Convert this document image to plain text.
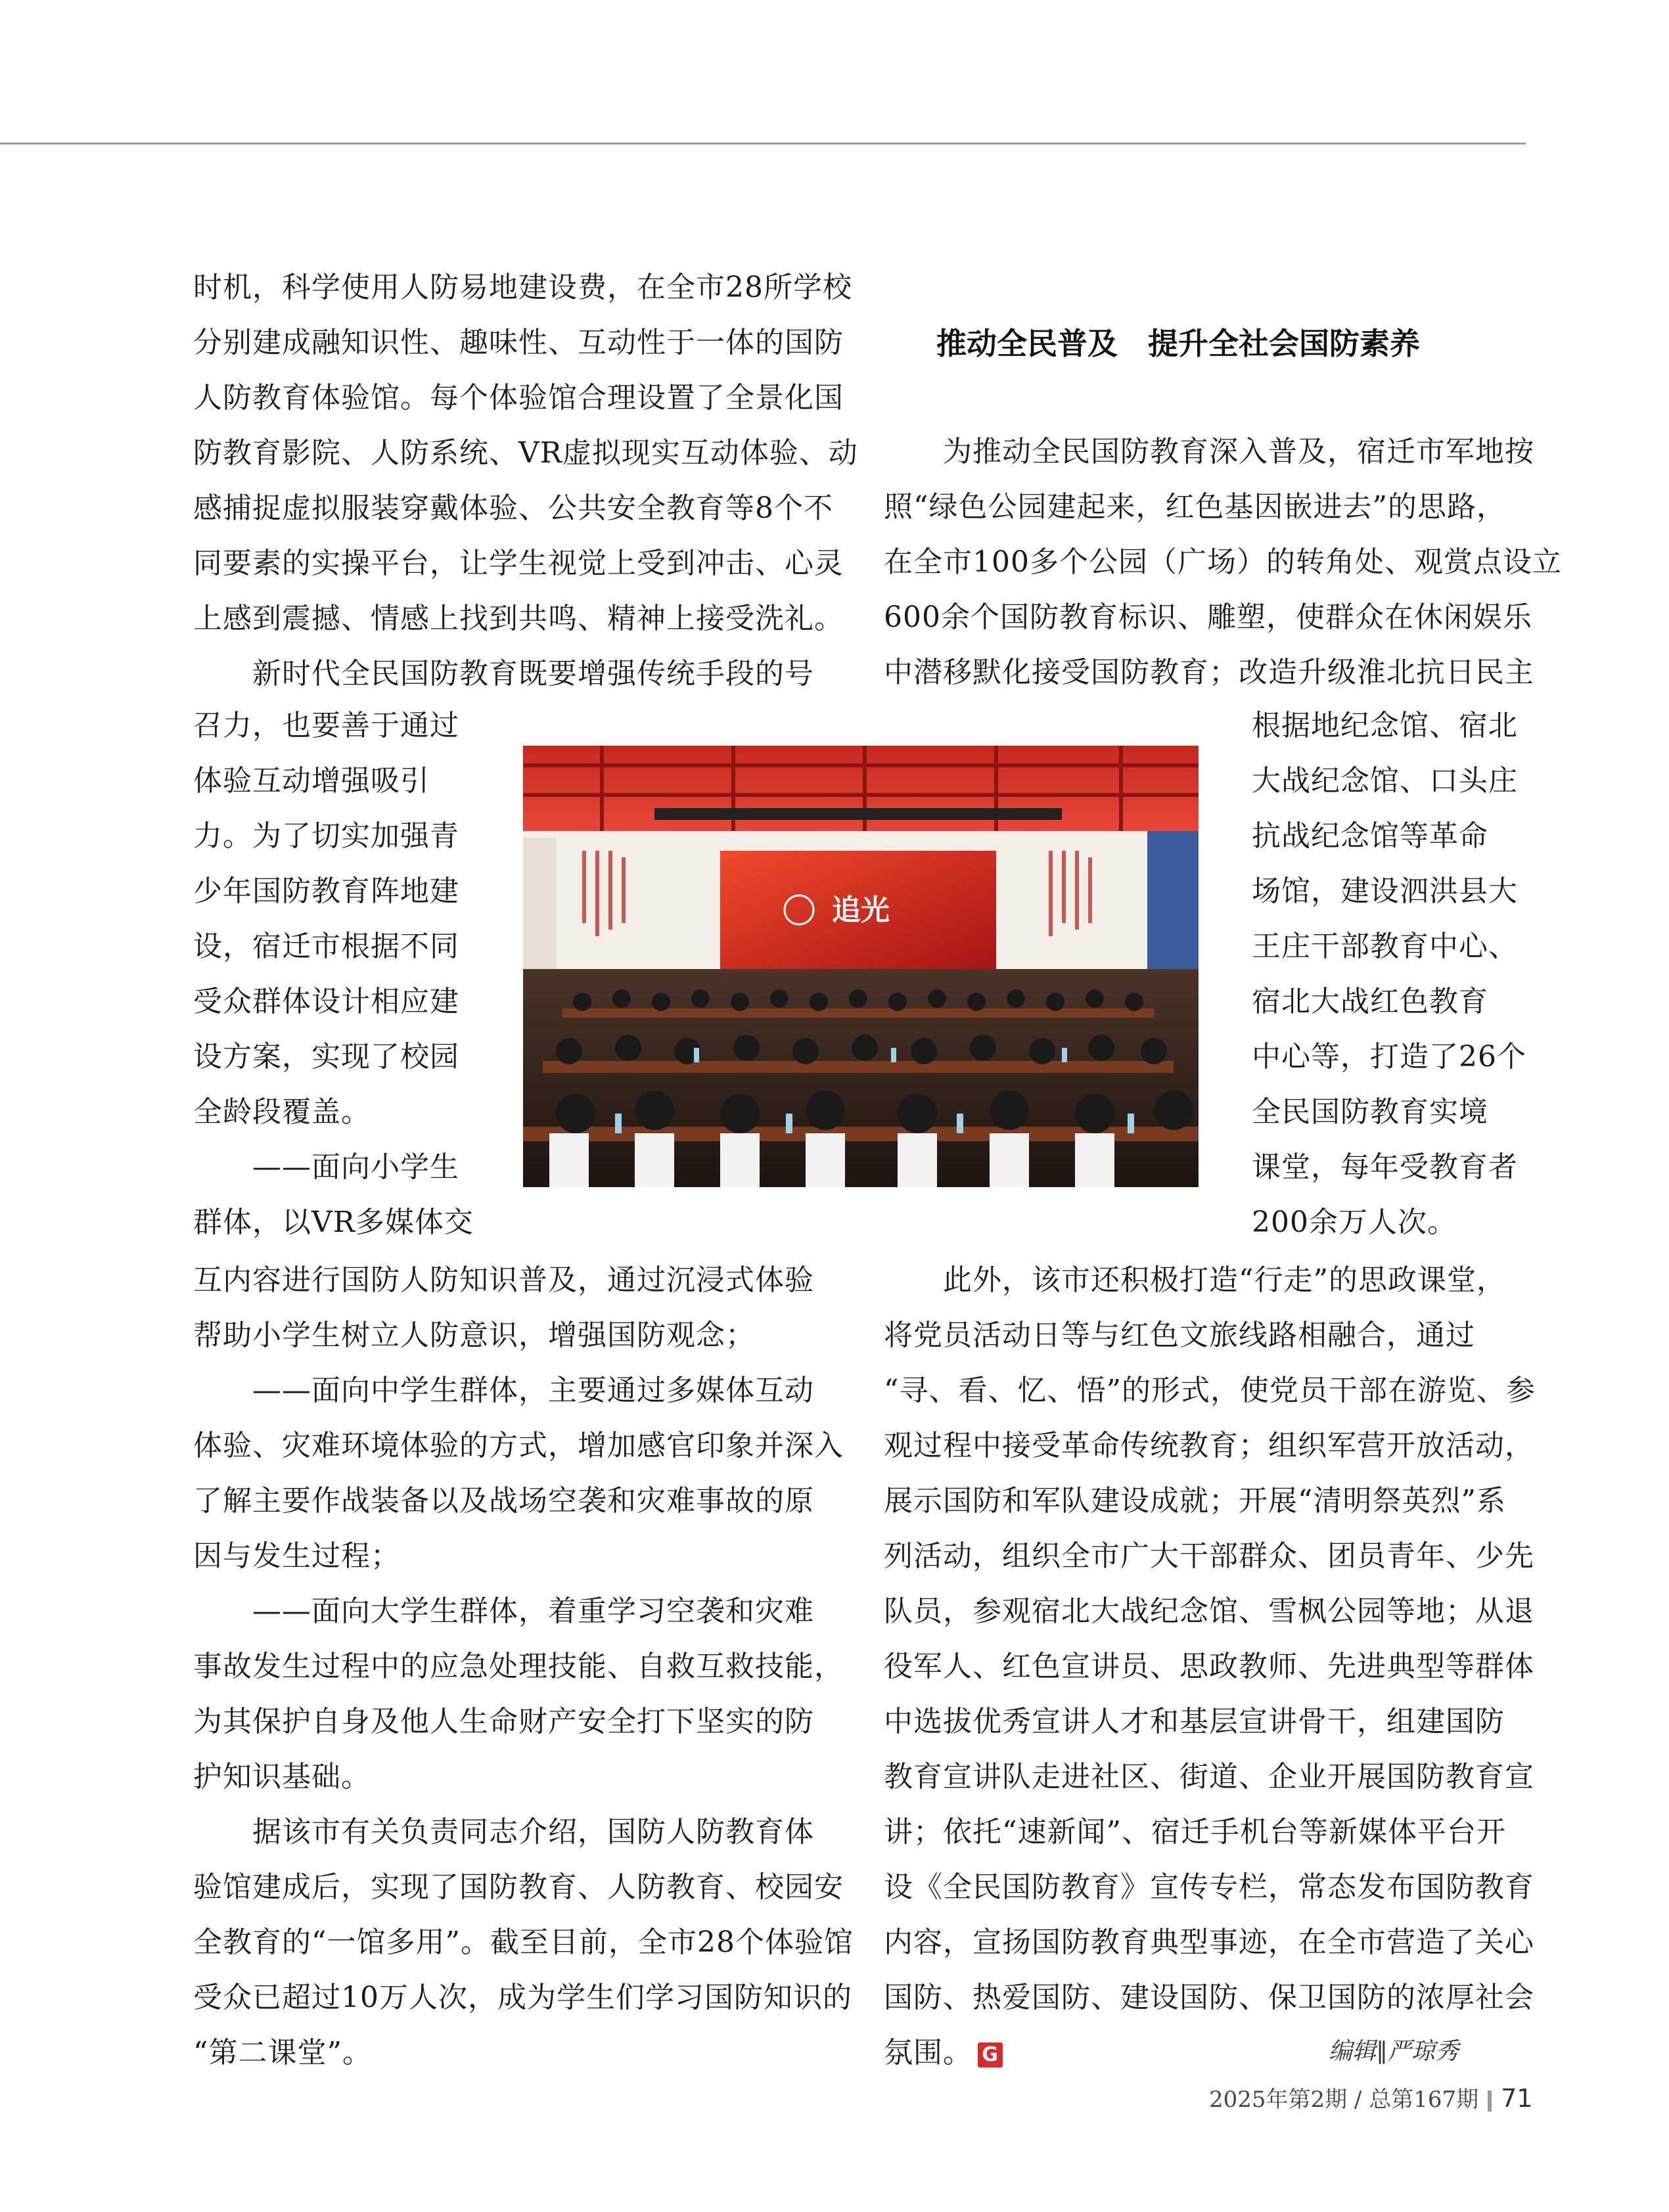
时机，科学使用人防易地建设费，在全市28所学校
分别建成融知识性、趣味性、互动性于一体的国防
人防教育体验馆。每个体验馆合理设置了全景化国
防教育影院、人防系统、VR虚拟现实互动体验、动
感捕捉虚拟服装穿戴体验、公共安全教育等8个不
同要素的实操平台，让学生视觉上受到冲击、心灵
上感到震撼、情感上找到共鸣、精神上接受洗礼。
　　新时代全民国防教育既要增强传统手段的号
互内容进行国防人防知识普及，通过沉浸式体验
帮助小学生树立人防意识，增强国防观念；
　　——面向中学生群体，主要通过多媒体互动
体验、灾难环境体验的方式，增加感官印象并深入
了解主要作战装备以及战场空袭和灾难事故的原
因与发生过程；
　　——面向大学生群体，着重学习空袭和灾难
事故发生过程中的应急处理技能、自救互救技能，
为其保护自身及他人生命财产安全打下坚实的防
护知识基础。
　　据该市有关负责同志介绍，国防人防教育体
验馆建成后，实现了国防教育、人防教育、校园安
全教育的“一馆多用”。截至目前，全市28个体验馆
受众已超过10万人次，成为学生们学习国防知识的
“第二课堂”。
召力，也要善于通过
体验互动增强吸引
力。为了切实加强青
少年国防教育阵地建
设，宿迁市根据不同
受众群体设计相应建
设方案，实现了校园
全龄段覆盖。
　　——面向小学生
群体，以VR多媒体交
推动全民普及　提升全社会国防素养
　　为推动全民国防教育深入普及，宿迁市军地按
照“绿色公园建起来，红色基因嵌进去”的思路，
在全市100多个公园（广场）的转角处、观赏点设立
600余个国防教育标识、雕塑，使群众在休闲娱乐
中潜移默化接受国防教育；改造升级淮北抗日民主
　　此外，该市还积极打造“行走”的思政课堂，
将党员活动日等与红色文旅线路相融合，通过
“寻、看、忆、悟”的形式，使党员干部在游览、参
观过程中接受革命传统教育；组织军营开放活动，
展示国防和军队建设成就；开展“清明祭英烈”系
列活动，组织全市广大干部群众、团员青年、少先
队员，参观宿北大战纪念馆、雪枫公园等地；从退
役军人、红色宣讲员、思政教师、先进典型等群体
中选拔优秀宣讲人才和基层宣讲骨干，组建国防
教育宣讲队走进社区、街道、企业开展国防教育宣
讲；依托“速新闻”、宿迁手机台等新媒体平台开
设《全民国防教育》宣传专栏，常态发布国防教育
内容，宣扬国防教育典型事迹，在全市营造了关心
国防、热爱国防、建设国防、保卫国防的浓厚社会
氛围。 G
根据地纪念馆、宿北
大战纪念馆、口头庄
抗战纪念馆等革命
场馆，建设泗洪县大
王庄干部教育中心、
宿北大战红色教育
中心等，打造了26个
全民国防教育实境
课堂，每年受教育者
200余万人次。
追光
编辑∥严琼秀
2025年第2期 / 总第167期 71
